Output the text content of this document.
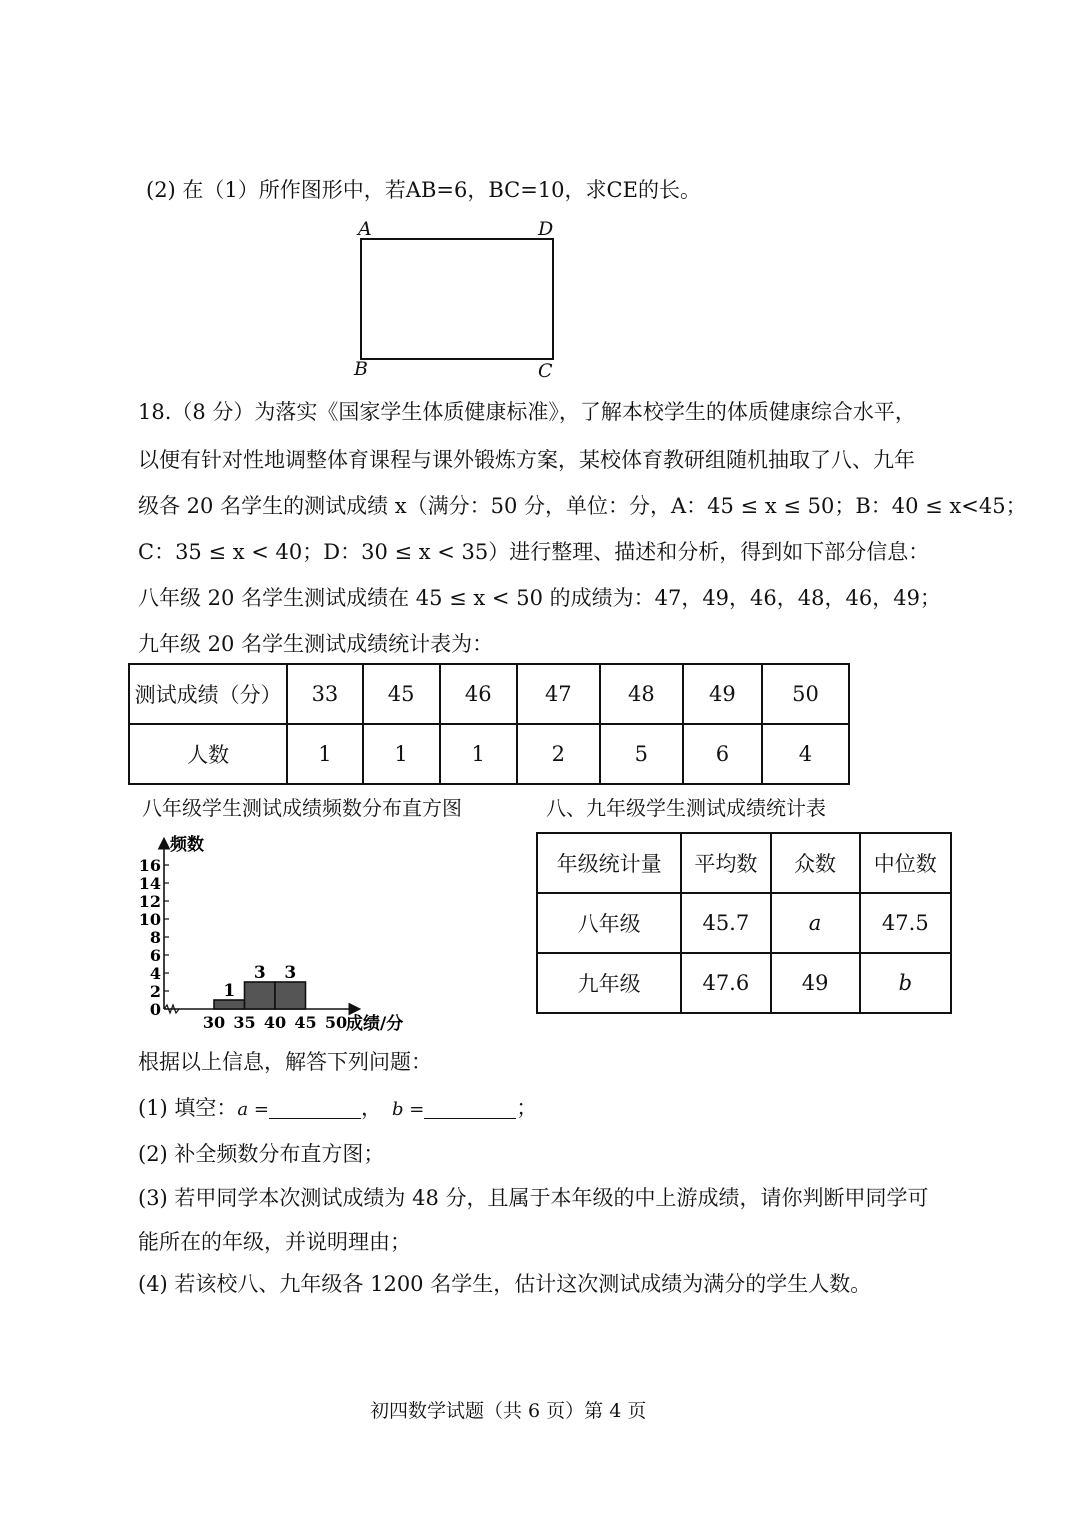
(2) 在（1）所作图形中，若AB=6，BC=10，求CE的长。
A	D
B	C
18.（8 分）为落实《国家学生体质健康标准》，了解本校学生的体质健康综合水平，
以便有针对性地调整体育课程与课外锻炼方案，某校体育教研组随机抽取了八、九年
级各 20 名学生的测试成绩 x（满分：50 分，单位：分，A：45 ≤ x ≤ 50；B：40 ≤ x<45；
C：35 ≤ x < 40；D：30 ≤ x < 35）进行整理、描述和分析，得到如下部分信息：
八年级 20 名学生测试成绩在 45 ≤ x < 50 的成绩为：47，49，46，48，46，49；
九年级 20 名学生测试成绩统计表为：
测试成绩（分）	33	45	46	47	48	49	50
人数	1	1	1	2	5	6	4
八年级学生测试成绩频数分布直方图
频数
成绩/分
0
2
4
6
8
10
12
14
16
30 35 40 45 50
1
3 3
八、九年级学生测试成绩统计表
年级统计量	平均数	众数	中位数
八年级	45.7	a	47.5
九年级	47.6	49	b
根据以上信息，解答下列问题：
(1) 填空：a =	， b =	；
(2) 补全频数分布直方图；
(3) 若甲同学本次测试成绩为 48 分，且属于本年级的中上游成绩，请你判断甲同学可
能所在的年级，并说明理由；
(4) 若该校八、九年级各 1200 名学生，估计这次测试成绩为满分的学生人数。
初四数学试题（共 6 页）第 4 页
